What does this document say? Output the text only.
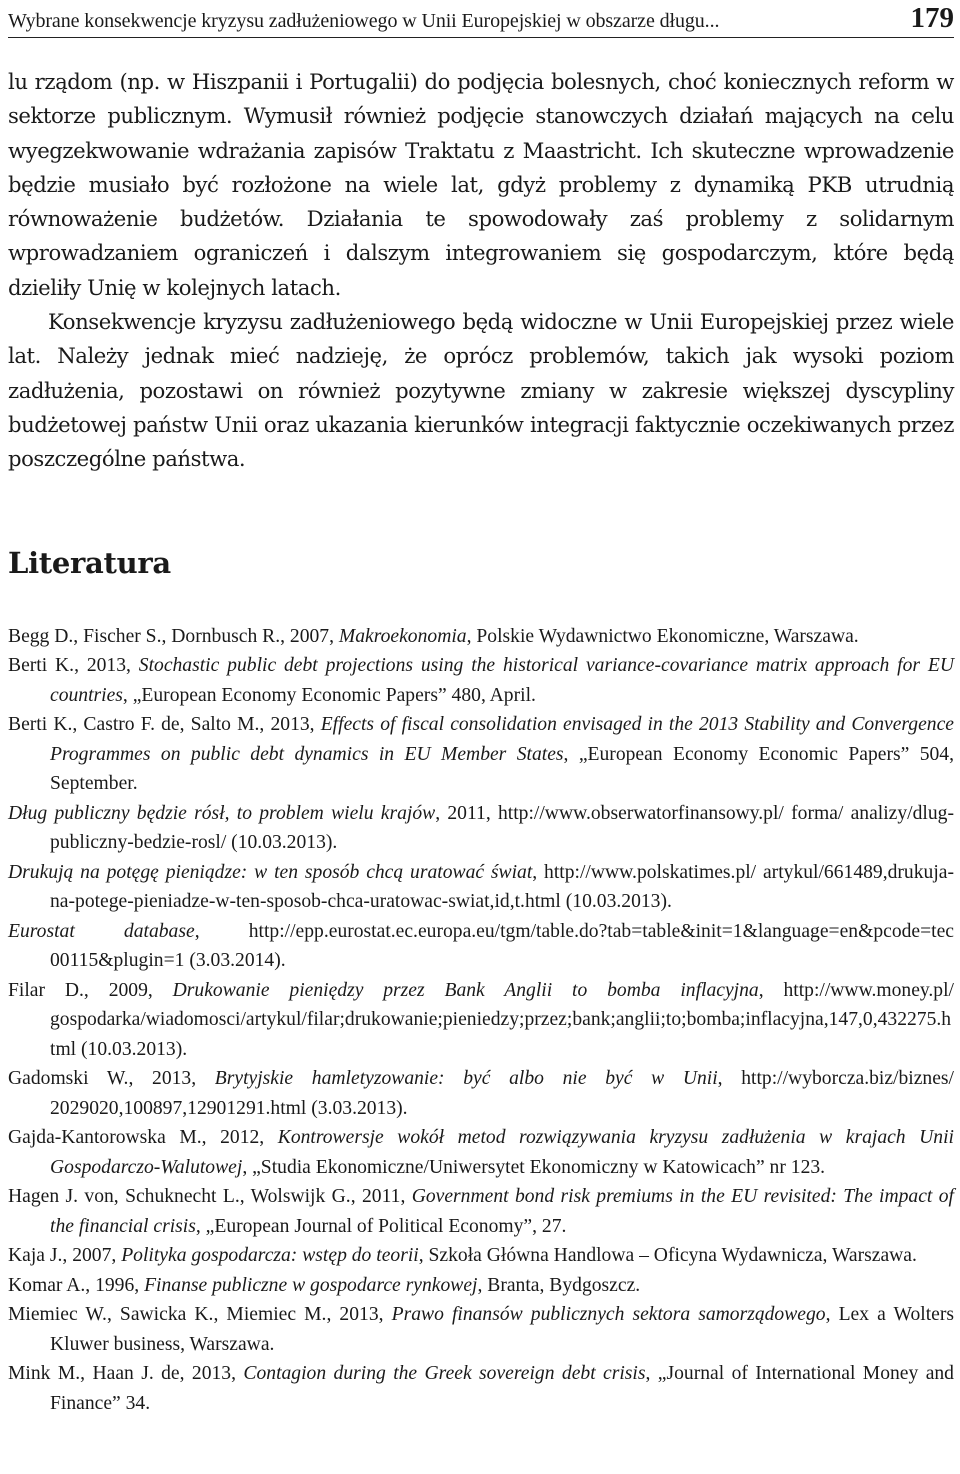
Wybrane konsekwencje kryzysu zadłużeniowego w Unii Europejskiej w obszarze długu...	179

lu rządom (np. w Hiszpanii i Portugalii) do podjęcia bolesnych, choć koniecznych reform w sektorze publicznym. Wymusił również podjęcie stanowczych działań mających na celu wyegzekwowanie wdrażania zapisów Traktatu z Maastricht. Ich skuteczne wprowadzenie będzie musiało być rozłożone na wiele lat, gdyż problemy z dynamiką PKB utrudnią równoważenie budżetów. Działania te spowodowały zaś problemy z solidarnym wprowadzaniem ograniczeń i dalszym integrowaniem się gospodarczym, które będą dzieliły Unię w kolejnych latach.

Konsekwencje kryzysu zadłużeniowego będą widoczne w Unii Europejskiej przez wiele lat. Należy jednak mieć nadzieję, że oprócz problemów, takich jak wysoki poziom zadłużenia, pozostawi on również pozytywne zmiany w zakresie większej dyscypliny budżetowej państw Unii oraz ukazania kierunków integracji faktycznie oczekiwanych przez poszczególne państwa.

Literatura

Begg D., Fischer S., Dornbusch R., 2007, Makroekonomia, Polskie Wydawnictwo Ekonomiczne, Warszawa.

Berti K., 2013, Stochastic public debt projections using the historical variance-covariance matrix approach for EU countries, „European Economy Economic Papers” 480, April.

Berti K., Castro F. de, Salto M., 2013, Effects of fiscal consolidation envisaged in the 2013 Stability and Convergence Programmes on public debt dynamics in EU Member States, „European Economy Economic Papers” 504, September.

Dług publiczny będzie rósł, to problem wielu krajów, 2011, http://www.obserwatorfinansowy.pl/ forma/ analizy/dlug-publiczny-bedzie-rosl/ (10.03.2013).

Drukują na potęgę pieniądze: w ten sposób chcą uratować świat, http://www.polskatimes.pl/ artykul/661489,drukuja-na-potege-pieniadze-w-ten-sposob-chca-uratowac-swiat,id,t.html (10.03.2013).

Eurostat database, http://epp.eurostat.ec.europa.eu/tgm/table.do?tab=table&init=1&language=en&pcode=tec 00115&plugin=1 (3.03.2014).

Filar D., 2009, Drukowanie pieniędzy przez Bank Anglii to bomba inflacyjna, http://www.money.pl/ gospodarka/wiadomosci/artykul/filar;drukowanie;pieniedzy;przez;bank;anglii;to;bomba;inflacyjna,147,0,432275.html (10.03.2013).

Gadomski W., 2013, Brytyjskie hamletyzowanie: być albo nie być w Unii, http://wyborcza.biz/biznes/ 2029020,100897,12901291.html (3.03.2013).

Gajda-Kantorowska M., 2012, Kontrowersje wokół metod rozwiązywania kryzysu zadłużenia w krajach Unii Gospodarczo-Walutowej, „Studia Ekonomiczne/Uniwersytet Ekonomiczny w Katowicach” nr 123.

Hagen J. von, Schuknecht L., Wolswijk G., 2011, Government bond risk premiums in the EU revisited: The impact of the financial crisis, „European Journal of Political Economy”, 27.

Kaja J., 2007, Polityka gospodarcza: wstęp do teorii, Szkoła Główna Handlowa – Oficyna Wydawnicza, Warszawa.

Komar A., 1996, Finanse publiczne w gospodarce rynkowej, Branta, Bydgoszcz.

Miemiec W., Sawicka K., Miemiec M., 2013, Prawo finansów publicznych sektora samorządowego, Lex a Wolters Kluwer business, Warszawa.

Mink M., Haan J. de, 2013, Contagion during the Greek sovereign debt crisis, „Journal of International Money and Finance” 34.
